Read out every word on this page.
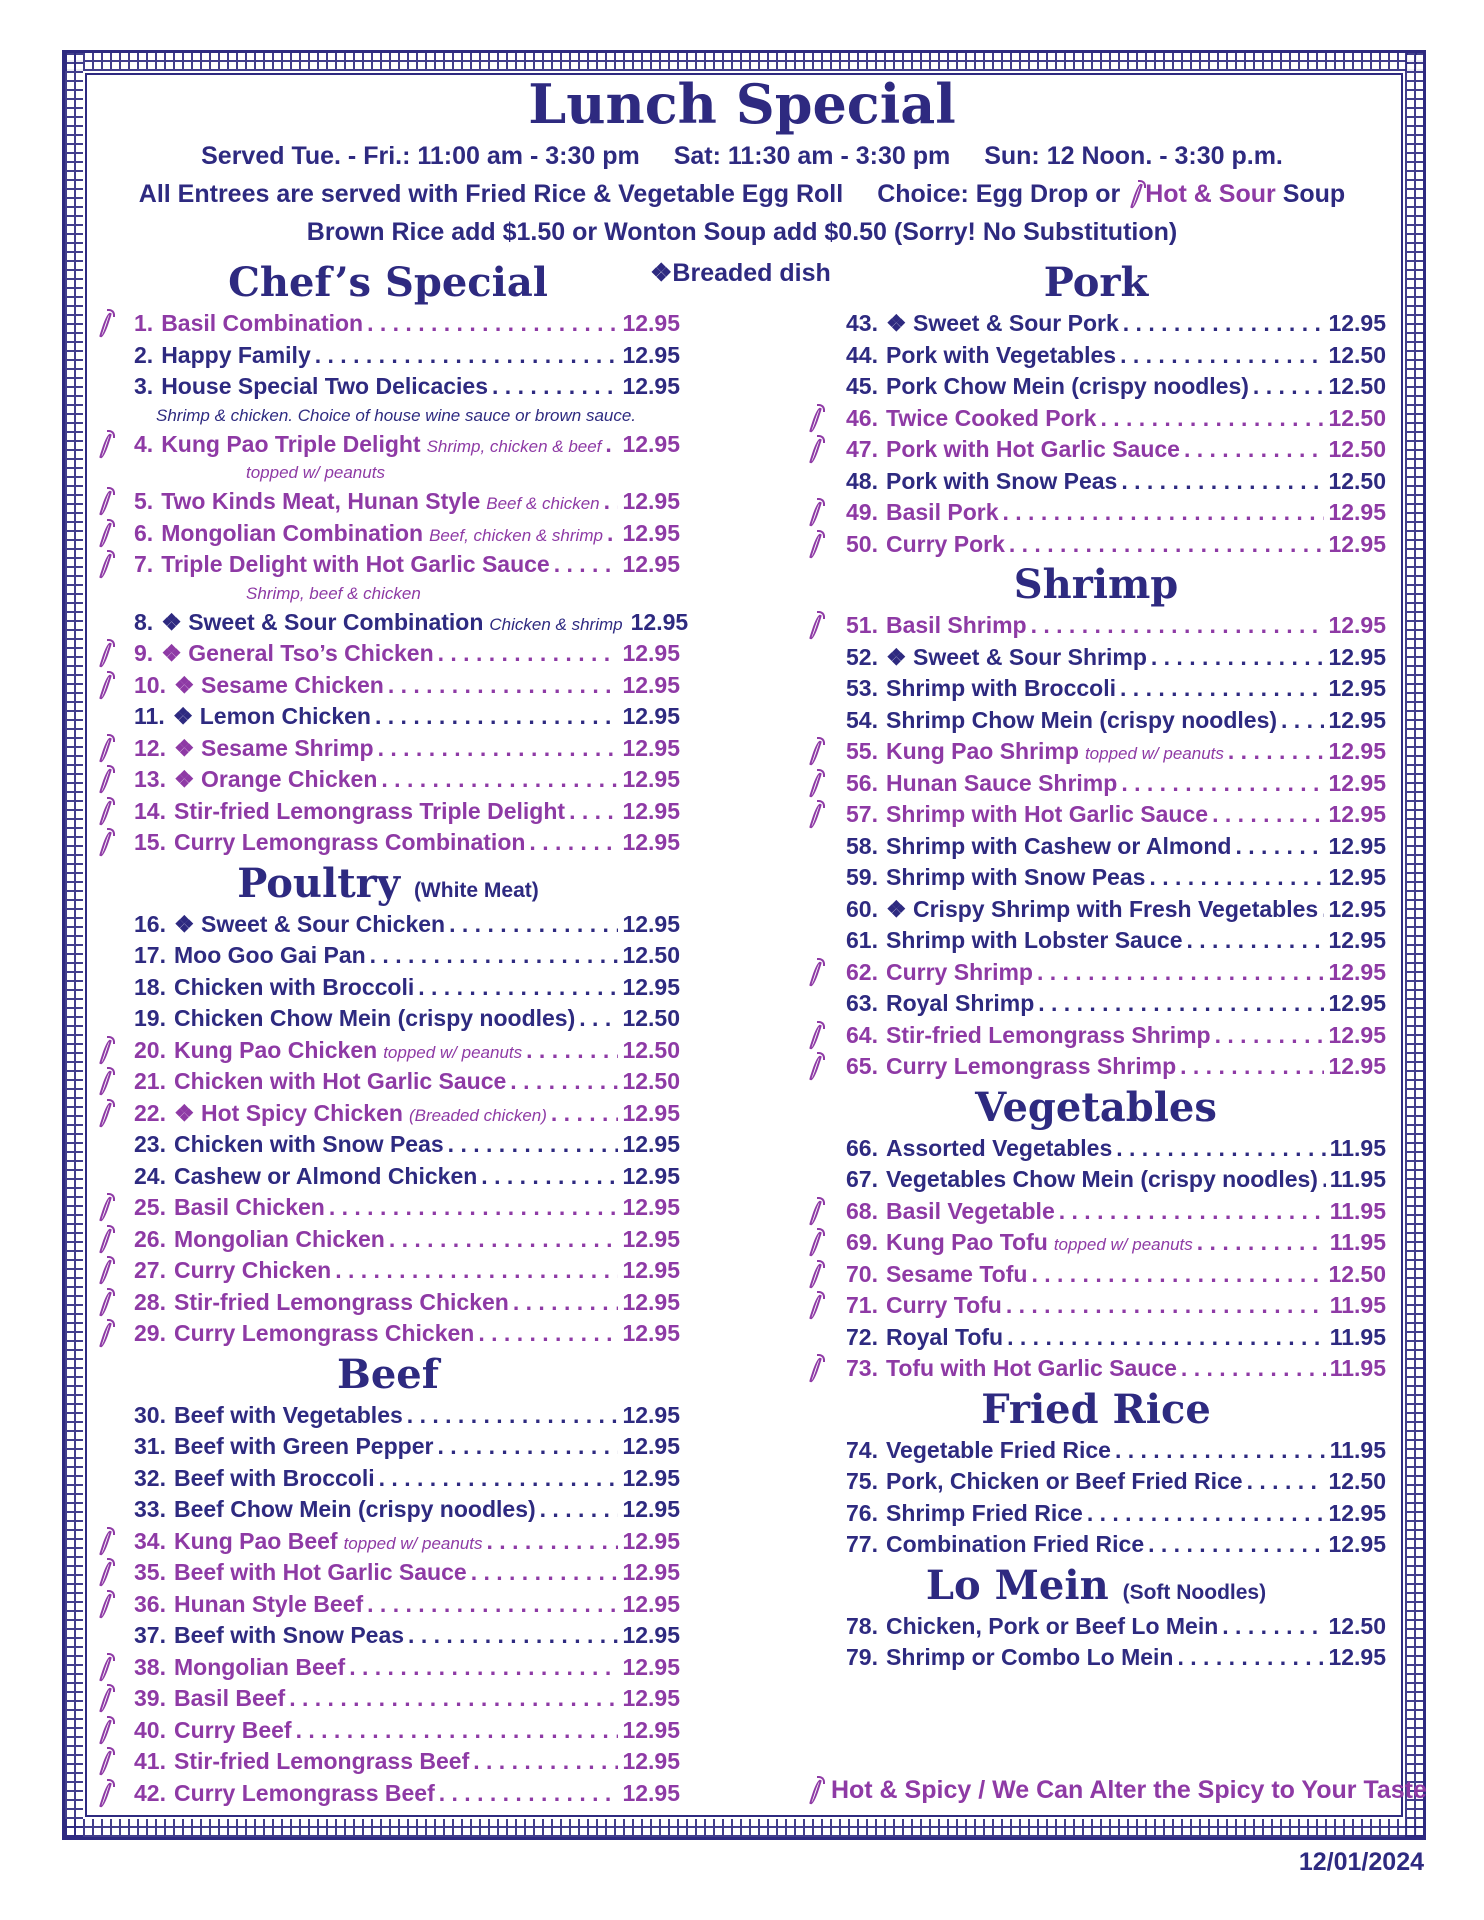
Lunch Special
Served Tue. - Fri.: 11:00 am - 3:30 pm Sat: 11:30 am - 3:30 pm Sun: 12 Noon. - 3:30 p.m.
All Entrees are served with Fried Rice & Vegetable Egg Roll Choice: Egg Drop or Hot & Sour Soup
Brown Rice add $1.50 or Wonton Soup add $0.50 (Sorry! No Substitution)
❖Breaded dish
Chef’s Special
1. Basil Combination . . .	12.95
2. Happy Family . . .	12.95
3. House Special Two Delicacies . . .	12.95
Shrimp & chicken. Choice of house wine sauce or brown sauce.
4. Kung Pao Triple Delight Shrimp, chicken & beef . . . 12.95
topped w/ peanuts
5. Two Kinds Meat, Hunan Style Beef & chicken . . . 12.95
6. Mongolian Combination Beef, chicken & shrimp . . . 12.95
7. Triple Delight with Hot Garlic Sauce . . .	12.95
Shrimp, beef & chicken
8. ❖ Sweet & Sour Combination Chicken & shrimp 12.95
9. ❖ General Tso’s Chicken . . .	12.95
10. ❖ Sesame Chicken . . .	12.95
11. ❖ Lemon Chicken . . .	12.95
12. ❖ Sesame Shrimp . . .	12.95
13. ❖ Orange Chicken . . .	12.95
14. Stir-fried Lemongrass Triple Delight . . . 12.95
15. Curry Lemongrass Combination . . .	12.95
Poultry (White Meat)
16. ❖ Sweet & Sour Chicken . . .	12.95
17. Moo Goo Gai Pan . . .	12.50
18. Chicken with Broccoli . . .	12.95
19. Chicken Chow Mein (crispy noodles) . . . 12.50
20. Kung Pao Chicken topped w/ peanuts . . .	12.50
21. Chicken with Hot Garlic Sauce . . .	12.50
22. ❖ Hot Spicy Chicken (Breaded chicken) . . .	12.95
23. Chicken with Snow Peas . . .	12.95
24. Cashew or Almond Chicken . . .	12.95
25. Basil Chicken . . .	12.95
26. Mongolian Chicken . . .	12.95
27. Curry Chicken . . .	12.95
28. Stir-fried Lemongrass Chicken . . .	12.95
29. Curry Lemongrass Chicken . . .	12.95
Beef
30. Beef with Vegetables . . .	12.95
31. Beef with Green Pepper . . .	12.95
32. Beef with Broccoli . . .	12.95
33. Beef Chow Mein (crispy noodles) . . .	12.95
34. Kung Pao Beef topped w/ peanuts . . .	12.95
35. Beef with Hot Garlic Sauce . . .	12.95
36. Hunan Style Beef . . .	12.95
37. Beef with Snow Peas . . .	12.95
38. Mongolian Beef . . .	12.95
39. Basil Beef . . .	12.95
40. Curry Beef . . .	12.95
41. Stir-fried Lemongrass Beef . . .	12.95
42. Curry Lemongrass Beef . . .	12.95
Pork
43. ❖ Sweet & Sour Pork . . .	12.95
44. Pork with Vegetables . . .	12.50
45. Pork Chow Mein (crispy noodles) . . .	12.50
46. Twice Cooked Pork . . .	12.50
47. Pork with Hot Garlic Sauce . . .	12.50
48. Pork with Snow Peas . . .	12.50
49. Basil Pork . . .	12.95
50. Curry Pork . . .	12.95
Shrimp
51. Basil Shrimp . . .	12.95
52. ❖ Sweet & Sour Shrimp . . .	12.95
53. Shrimp with Broccoli . . .	12.95
54. Shrimp Chow Mein (crispy noodles) . . . 12.95
55. Kung Pao Shrimp topped w/ peanuts . . .	12.95
56. Hunan Sauce Shrimp . . .	12.95
57. Shrimp with Hot Garlic Sauce . . .	12.95
58. Shrimp with Cashew or Almond . . .	12.95
59. Shrimp with Snow Peas . . .	12.95
60. ❖ Crispy Shrimp with Fresh Vegetables . . . 12.95
61. Shrimp with Lobster Sauce . . .	12.95
62. Curry Shrimp . . .	12.95
63. Royal Shrimp . . .	12.95
64. Stir-fried Lemongrass Shrimp . . .	12.95
65. Curry Lemongrass Shrimp . . .	12.95
Vegetables
66. Assorted Vegetables . . .	11.95
67. Vegetables Chow Mein (crispy noodles) . . . 11.95
68. Basil Vegetable . . .	11.95
69. Kung Pao Tofu topped w/ peanuts . . .	11.95
70. Sesame Tofu . . .	12.50
71. Curry Tofu . . .	11.95
72. Royal Tofu . . .	11.95
73. Tofu with Hot Garlic Sauce . . .	11.95
Fried Rice
74. Vegetable Fried Rice . . .	11.95
75. Pork, Chicken or Beef Fried Rice . . .	12.50
76. Shrimp Fried Rice . . .	12.95
77. Combination Fried Rice . . .	12.95
Lo Mein (Soft Noodles)
78. Chicken, Pork or Beef Lo Mein . . .	12.50
79. Shrimp or Combo Lo Mein . . .	12.95
Hot & Spicy / We Can Alter the Spicy to Your Taste
12/01/2024
